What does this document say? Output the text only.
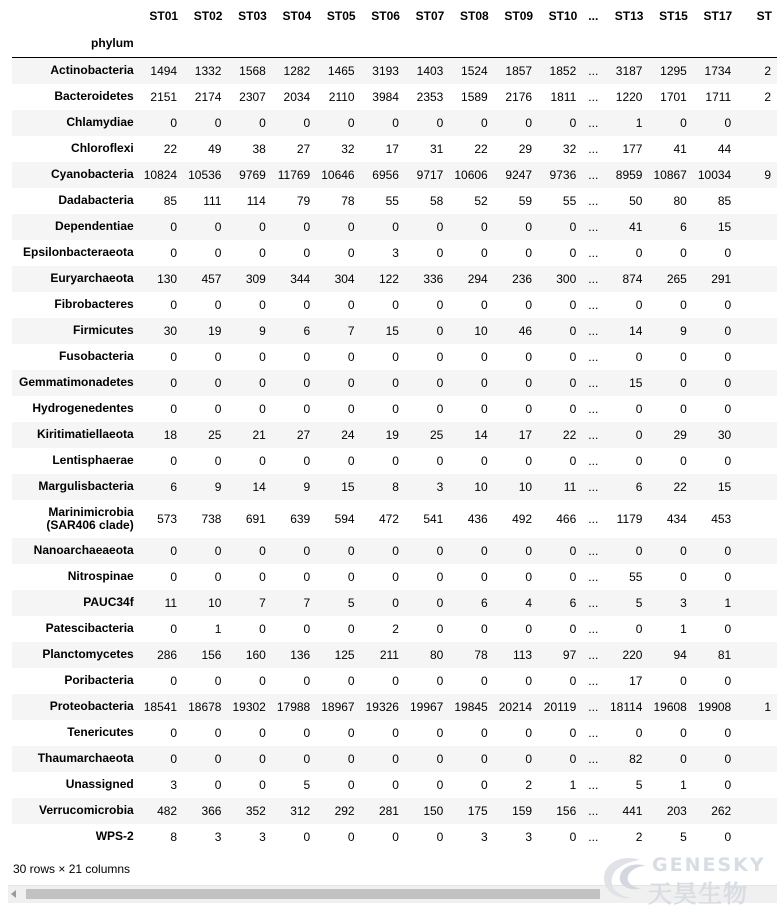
	ST01	ST02	ST03	ST04	ST05	ST06	ST07	ST08	ST09	ST10	...	ST13	ST15	ST17	ST
phylum															
Actinobacteria	1494	1332	1568	1282	1465	3193	1403	1524	1857	1852	...	3187	1295	1734	2
Bacteroidetes	2151	2174	2307	2034	2110	3984	2353	1589	2176	1811	...	1220	1701	1711	2
Chlamydiae	0	0	0	0	0	0	0	0	0	0	...	1	0	0	
Chloroflexi	22	49	38	27	32	17	31	22	29	32	...	177	41	44	
Cyanobacteria	10824	10536	9769	11769	10646	6956	9717	10606	9247	9736	...	8959	10867	10034	9
Dadabacteria	85	111	114	79	78	55	58	52	59	55	...	50	80	85	
Dependentiae	0	0	0	0	0	0	0	0	0	0	...	41	6	15	
Epsilonbacteraeota	0	0	0	0	0	3	0	0	0	0	...	0	0	0	
Euryarchaeota	130	457	309	344	304	122	336	294	236	300	...	874	265	291	
Fibrobacteres	0	0	0	0	0	0	0	0	0	0	...	0	0	0	
Firmicutes	30	19	9	6	7	15	0	10	46	0	...	14	9	0	
Fusobacteria	0	0	0	0	0	0	0	0	0	0	...	0	0	0	
Gemmatimonadetes	0	0	0	0	0	0	0	0	0	0	...	15	0	0	
Hydrogenedentes	0	0	0	0	0	0	0	0	0	0	...	0	0	0	
Kiritimatiellaeota	18	25	21	27	24	19	25	14	17	22	...	0	29	30	
Lentisphaerae	0	0	0	0	0	0	0	0	0	0	...	0	0	0	
Margulisbacteria	6	9	14	9	15	8	3	10	10	11	...	6	22	15	
Marinimicrobia
(SAR406 clade)	573	738	691	639	594	472	541	436	492	466	...	1179	434	453	
Nanoarchaeaeota	0	0	0	0	0	0	0	0	0	0	...	0	0	0	
Nitrospinae	0	0	0	0	0	0	0	0	0	0	...	55	0	0	
PAUC34f	11	10	7	7	5	0	0	6	4	6	...	5	3	1	
Patescibacteria	0	1	0	0	0	2	0	0	0	0	...	0	1	0	
Planctomycetes	286	156	160	136	125	211	80	78	113	97	...	220	94	81	
Poribacteria	0	0	0	0	0	0	0	0	0	0	...	17	0	0	
Proteobacteria	18541	18678	19302	17988	18967	19326	19967	19845	20214	20119	...	18114	19608	19908	1
Tenericutes	0	0	0	0	0	0	0	0	0	0	...	0	0	0	
Thaumarchaeota	0	0	0	0	0	0	0	0	0	0	...	82	0	0	
Unassigned	3	0	0	5	0	0	0	0	2	1	...	5	1	0	
Verrucomicrobia	482	366	352	312	292	281	150	175	159	156	...	441	203	262	
WPS-2	8	3	3	0	0	0	0	3	3	0	...	2	5	0	
30 rows × 21 columns	GENESKY
天昊生物
